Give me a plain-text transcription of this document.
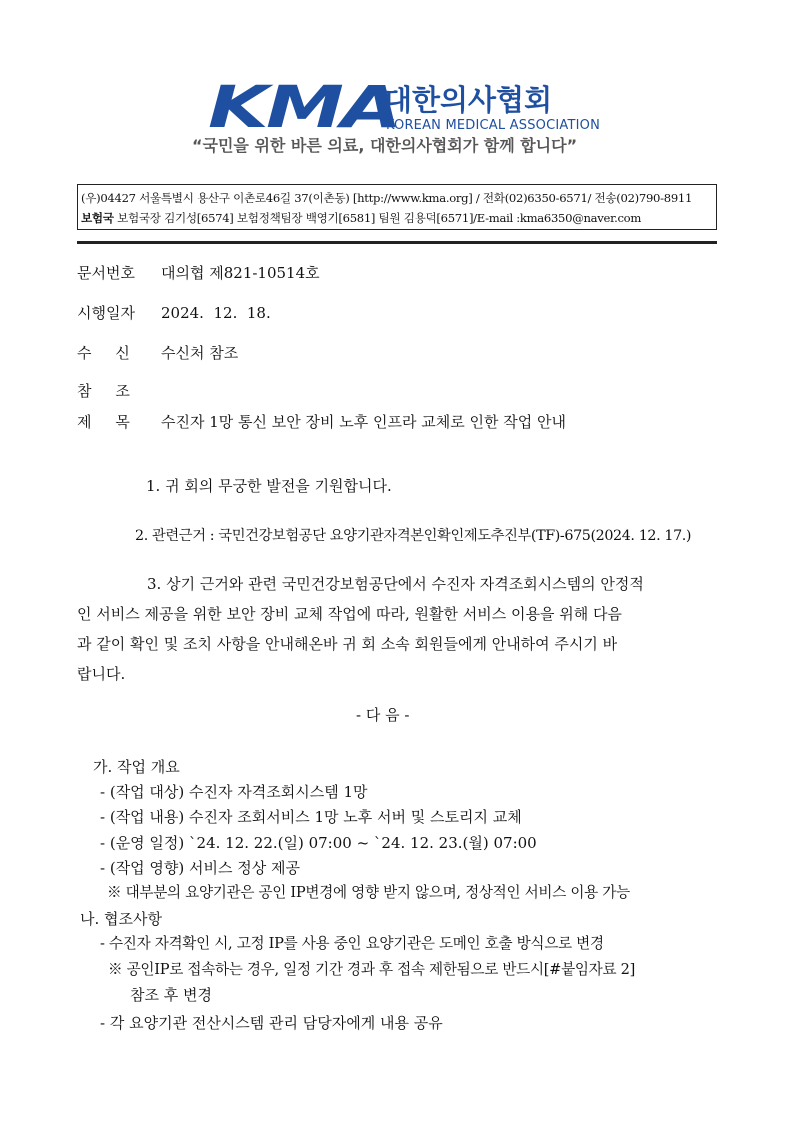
KMA
대한의사협회
KOREAN MEDICAL ASSOCIATION
“국민을 위한 바른 의료, 대한의사협회가 함께 합니다”
(우)04427 서울특별시 용산구 이촌로46길 37(이촌동) [http://www.kma.org] / 전화(02)6350-6571/ 전송(02)790-8911
보험국 보험국장 김기성[6574] 보험정책팀장 백영기[6581] 팀원 김용덕[6571]/E-mail :kma6350@naver.com
문서번호 대의협 제821-10514호
시행일자 2024.  12.  18.
수     신 수신처 참조
참     조
제     목 수진자 1망 통신 보안 장비 노후 인프라 교체로 인한 작업 안내
1. 귀 회의 무궁한 발전을 기원합니다.
2. 관련근거 : 국민건강보험공단 요양기관자격본인확인제도추진부(TF)-675(2024. 12. 17.)
3. 상기 근거와 관련 국민건강보험공단에서 수진자 자격조회시스템의 안정적
인 서비스 제공을 위한 보안 장비 교체 작업에 따라, 원활한 서비스 이용을 위해 다음
과 같이 확인 및 조치 사항을 안내해온바 귀 회 소속 회원들에게 안내하여 주시기 바
랍니다.
- 다 음 -
가. 작업 개요
- (작업 대상) 수진자 자격조회시스템 1망
- (작업 내용) 수진자 조회서비스 1망 노후 서버 및 스토리지 교체
- (운영 일정) `24. 12. 22.(일) 07:00 ~ `24. 12. 23.(월) 07:00
- (작업 영향) 서비스 정상 제공
※ 대부분의 요양기관은 공인 IP변경에 영향 받지 않으며, 정상적인 서비스 이용 가능
나. 협조사항
- 수진자 자격확인 시, 고정 IP를 사용 중인 요양기관은 도메인 호출 방식으로 변경
※ 공인IP로 접속하는 경우, 일정 기간 경과 후 접속 제한됨으로 반드시[#붙임자료 2]
참조 후 변경
- 각 요양기관 전산시스템 관리 담당자에게 내용 공유
